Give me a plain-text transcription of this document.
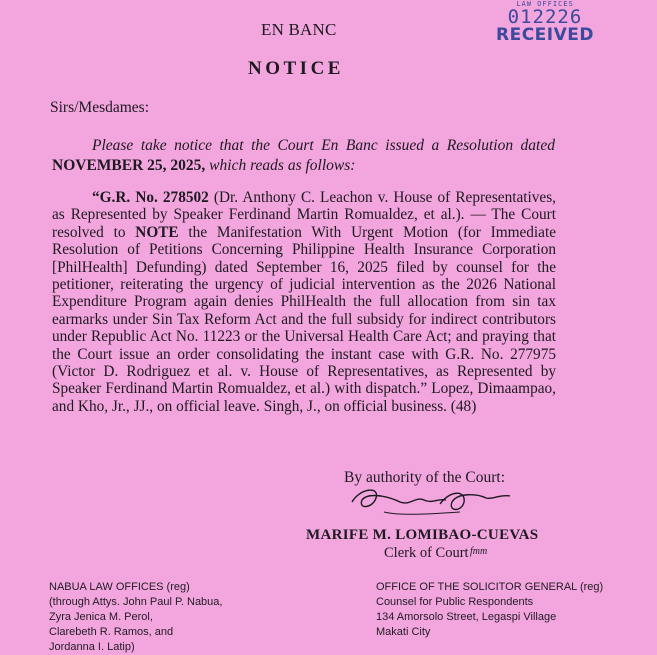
EN BANC
LAW OFFICES
012226
RECEIVED
NOTICE
Sirs/Mesdames:
Please take notice that the Court En Banc issued a Resolution dated NOVEMBER 25, 2025, which reads as follows:
“G.R. No. 278502 (Dr. Anthony C. Leachon v. House of Representatives, as Represented by Speaker Ferdinand Martin Romualdez, et al.). — The Court resolved to NOTE the Manifestation With Urgent Motion (for Immediate Resolution of Petitions Concerning Philippine Health Insurance Corporation [PhilHealth] Defunding) dated September 16, 2025 filed by counsel for the petitioner, reiterating the urgency of judicial intervention as the 2026 National Expenditure Program again denies PhilHealth the full allocation from sin tax earmarks under Sin Tax Reform Act and the full subsidy for indirect contributors under Republic Act No. 11223 or the Universal Health Care Act; and praying that the Court issue an order consolidating the instant case with G.R. No. 277975 (Victor D. Rodriguez et al. v. House of Representatives, as Represented by Speaker Ferdinand Martin Romualdez, et al.) with dispatch.” Lopez, Dimaampao, and Kho, Jr., JJ., on official leave. Singh, J., on official business. (48)
By authority of the Court:
MARIFE M. LOMIBAO-CUEVAS
Clerk of Court fmm
NABUA LAW OFFICES (reg)
(through Attys. John Paul P. Nabua,
Zyra Jenica M. Perol,
Clarebeth R. Ramos, and
Jordanna I. Latip)
OFFICE OF THE SOLICITOR GENERAL (reg)
Counsel for Public Respondents
134 Amorsolo Street, Legaspi Village
Makati City
